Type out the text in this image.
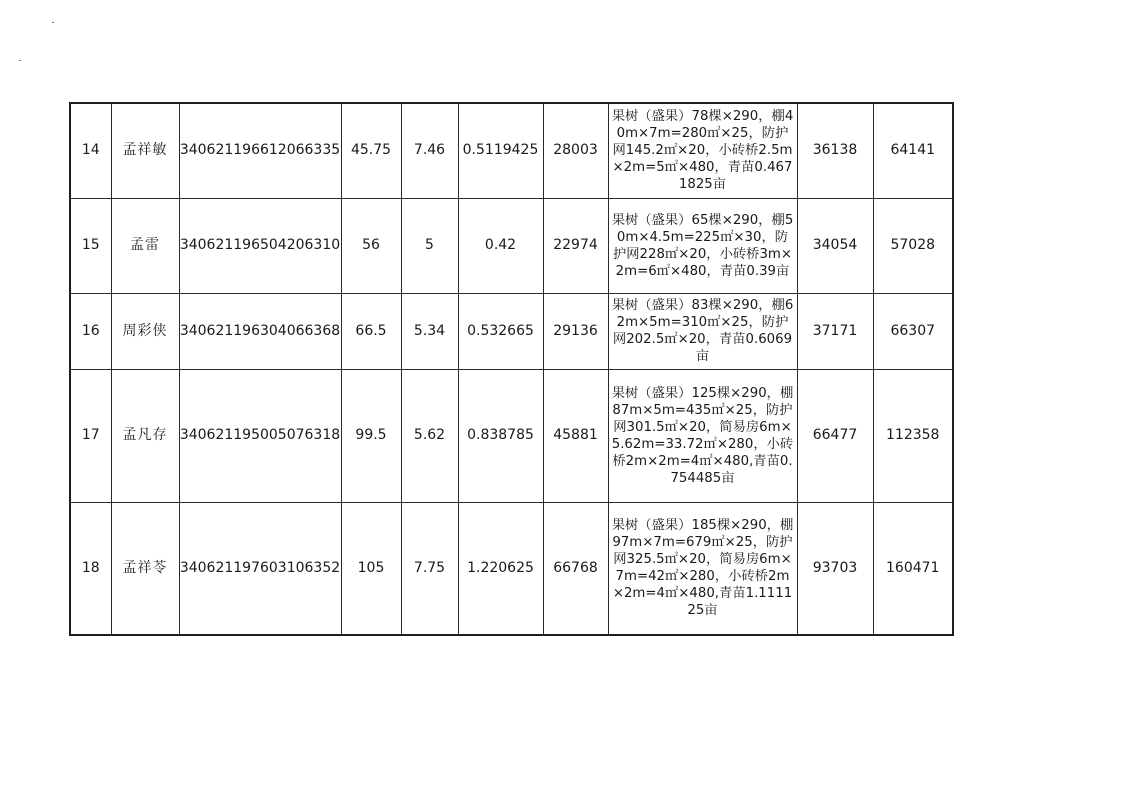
14	孟祥敏	340621196612066335	45.75	7.46	0.5119425	28003	果树（盛果）78棵×290，棚40m×7m=280㎡×25，防护网145.2㎡×20，小砖桥2.5m×2m=5㎡×480，青苗0.4671825亩	36138	64141
15	孟雷	340621196504206310	56	5	0.42	22974	果树（盛果）65棵×290，棚50m×4.5m=225㎡×30，防护网228㎡×20，小砖桥3m×2m=6㎡×480，青苗0.39亩	34054	57028
16	周彩侠	340621196304066368	66.5	5.34	0.532665	29136	果树（盛果）83棵×290，棚62m×5m=310㎡×25，防护网202.5㎡×20，青苗0.6069亩	37171	66307
17	孟凡存	340621195005076318	99.5	5.62	0.838785	45881	果树（盛果）125棵×290，棚87m×5m=435㎡×25，防护网301.5㎡×20，简易房6m×5.62m=33.72㎡×280，小砖桥2m×2m=4㎡×480,青苗0.754485亩	66477	112358
18	孟祥苓	340621197603106352	105	7.75	1.220625	66768	果树（盛果）185棵×290，棚97m×7m=679㎡×25，防护网325.5㎡×20，简易房6m×7m=42㎡×280，小砖桥2m×2m=4㎡×480,青苗1.111125亩	93703	160471
